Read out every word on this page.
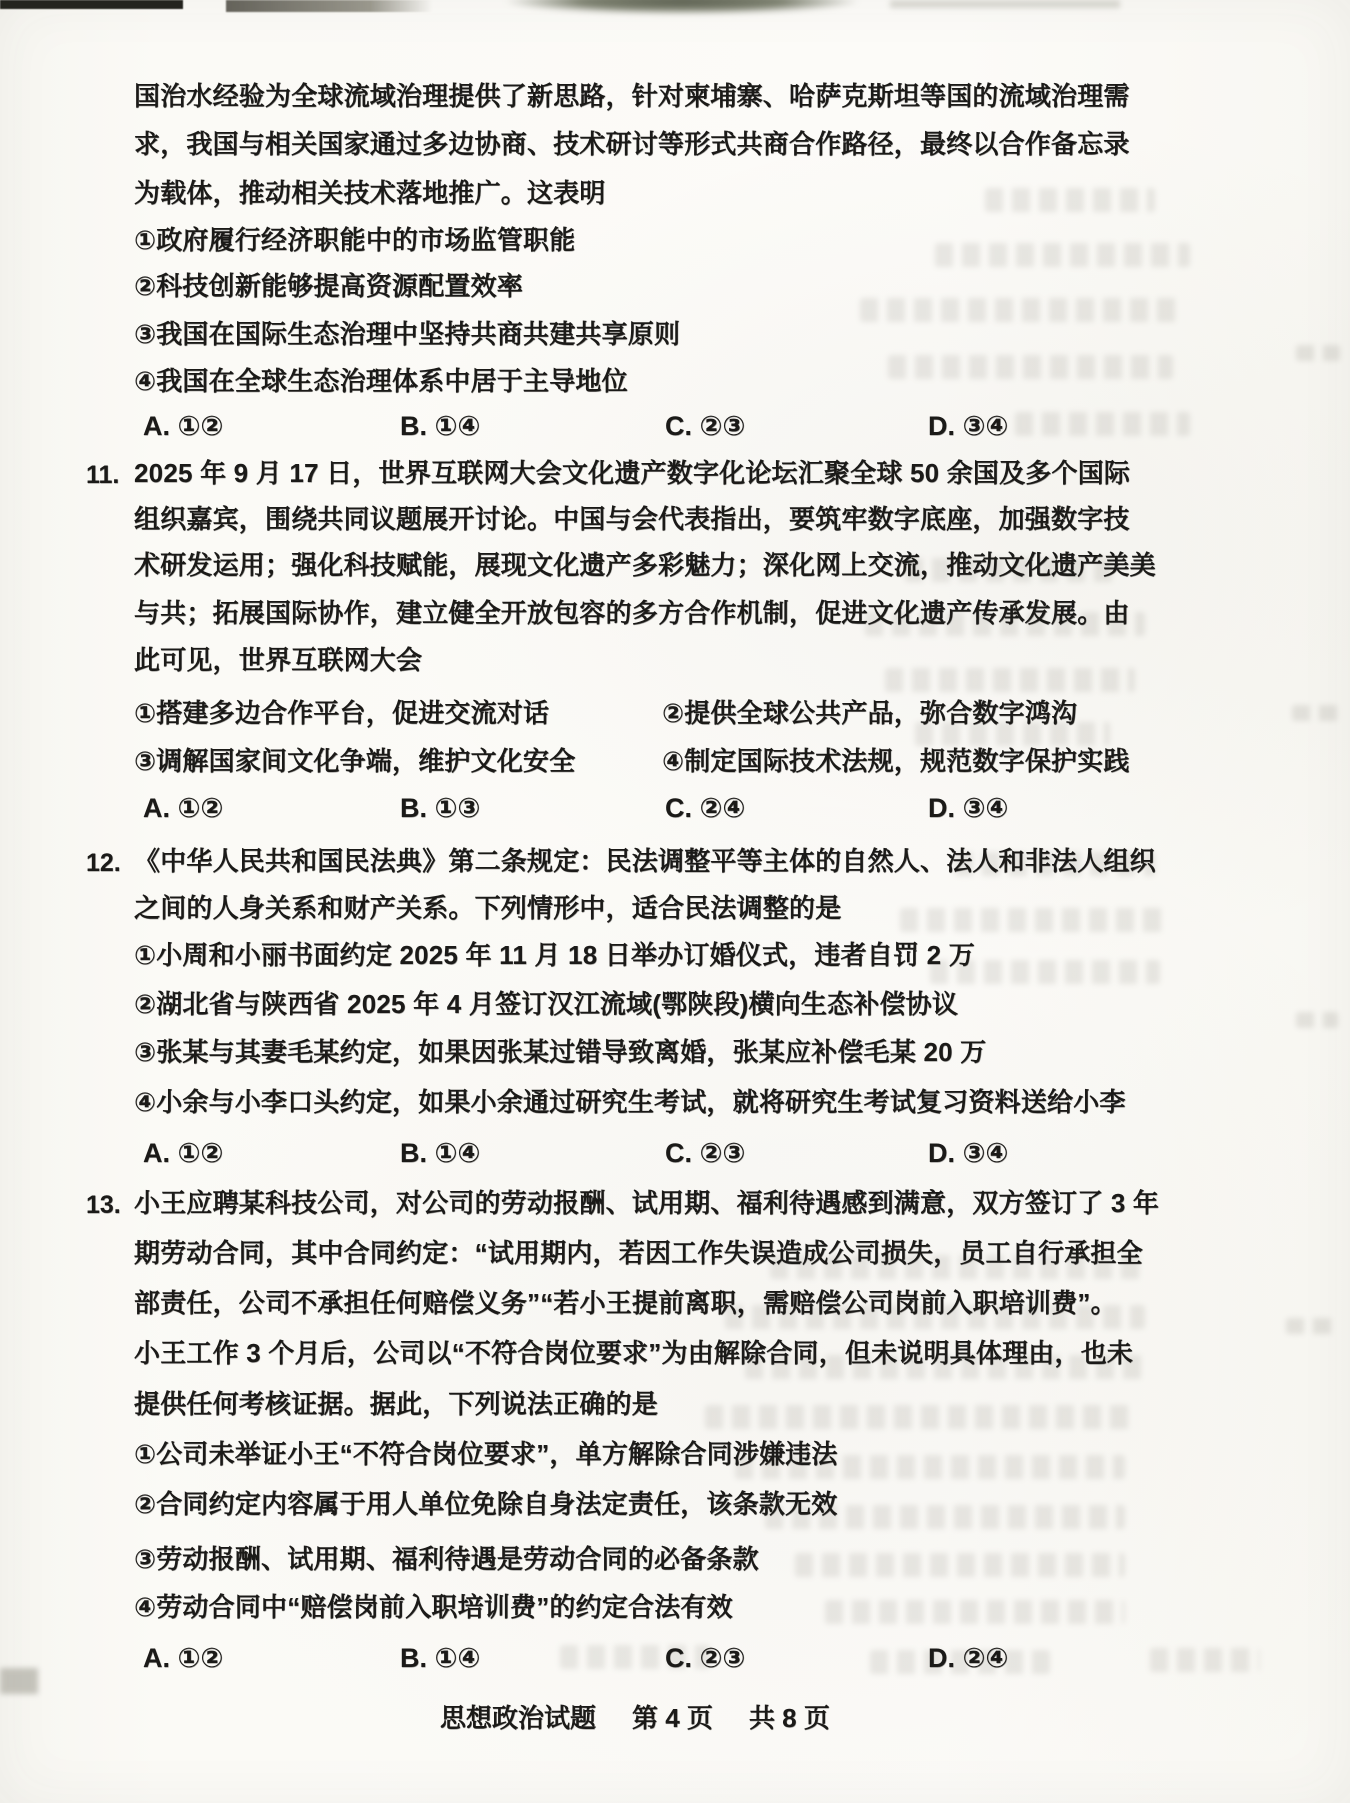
国治水经验为全球流域治理提供了新思路，针对柬埔寨、哈萨克斯坦等国的流域治理需
求，我国与相关国家通过多边协商、技术研讨等形式共商合作路径，最终以合作备忘录
为载体，推动相关技术落地推广。这表明
①政府履行经济职能中的市场监管职能
②科技创新能够提高资源配置效率
③我国在国际生态治理中坚持共商共建共享原则
④我国在全球生态治理体系中居于主导地位
A. ①②	B. ①④	C. ②③	D. ③④
11. 2025 年 9 月 17 日，世界互联网大会文化遗产数字化论坛汇聚全球 50 余国及多个国际
组织嘉宾，围绕共同议题展开讨论。中国与会代表指出，要筑牢数字底座，加强数字技
术研发运用；强化科技赋能，展现文化遗产多彩魅力；深化网上交流，推动文化遗产美美
与共；拓展国际协作，建立健全开放包容的多方合作机制，促进文化遗产传承发展。由
此可见，世界互联网大会
①搭建多边合作平台，促进交流对话	②提供全球公共产品，弥合数字鸿沟
③调解国家间文化争端，维护文化安全	④制定国际技术法规，规范数字保护实践
A. ①②	B. ①③	C. ②④	D. ③④
12. 《中华人民共和国民法典》第二条规定：民法调整平等主体的自然人、法人和非法人组织
之间的人身关系和财产关系。下列情形中，适合民法调整的是
①小周和小丽书面约定 2025 年 11 月 18 日举办订婚仪式，违者自罚 2 万
②湖北省与陕西省 2025 年 4 月签订汉江流域(鄂陕段)横向生态补偿协议
③张某与其妻毛某约定，如果因张某过错导致离婚，张某应补偿毛某 20 万
④小余与小李口头约定，如果小余通过研究生考试，就将研究生考试复习资料送给小李
A. ①②	B. ①④	C. ②③	D. ③④
13. 小王应聘某科技公司，对公司的劳动报酬、试用期、福利待遇感到满意，双方签订了 3 年
期劳动合同，其中合同约定：“试用期内，若因工作失误造成公司损失，员工自行承担全
部责任，公司不承担任何赔偿义务”“若小王提前离职，需赔偿公司岗前入职培训费”。
小王工作 3 个月后，公司以“不符合岗位要求”为由解除合同，但未说明具体理由，也未
提供任何考核证据。据此，下列说法正确的是
①公司未举证小王“不符合岗位要求”，单方解除合同涉嫌违法
②合同约定内容属于用人单位免除自身法定责任，该条款无效
③劳动报酬、试用期、福利待遇是劳动合同的必备条款
④劳动合同中“赔偿岗前入职培训费”的约定合法有效
A. ①②	B. ①④	C. ②③	D. ②④
思想政治试题 第 4 页 共 8 页
